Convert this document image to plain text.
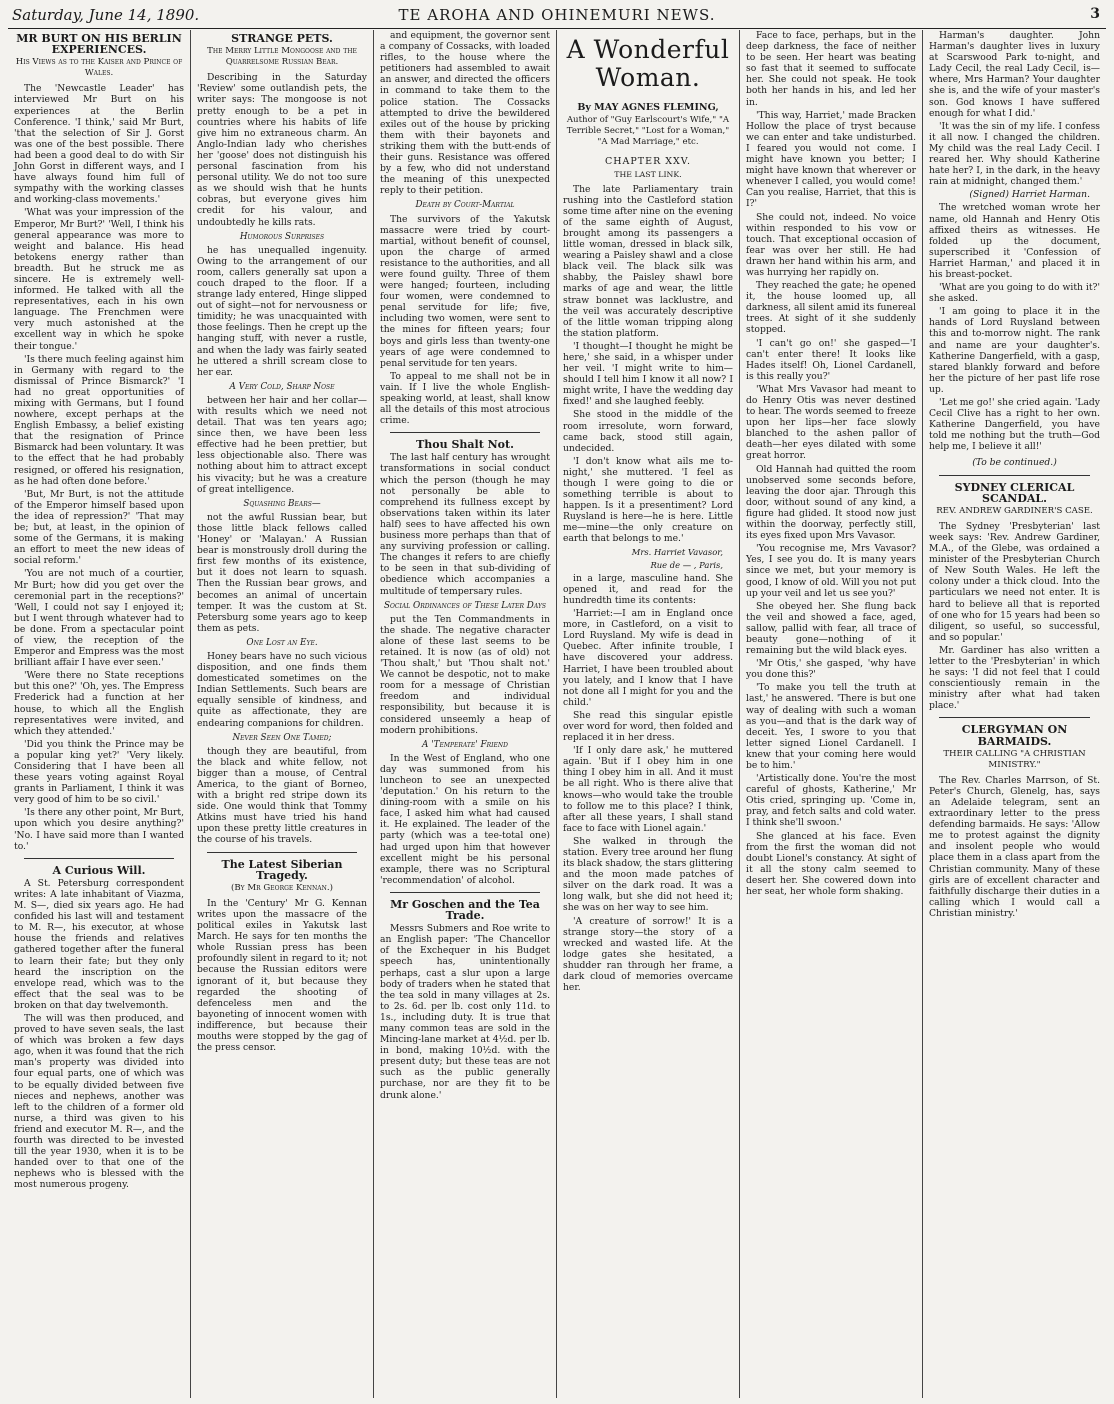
Saturday, June 14, 1890.	TE AROHA AND OHINEMURI NEWS.	3
MR BURT ON HIS BERLIN EXPERIENCES.
His Views as to the Kaiser and Prince of Wales.

The 'Newcastle Leader' has interviewed Mr Burt on his experiences at the Berlin Conference. 'I think,' said Mr Burt, 'that the selection of Sir J. Gorst was one of the best possible. There had been a good deal to do with Sir John Gorst in different ways, and I have always found him full of sympathy with the working classes and working-class movements.'

'What was your impression of the Emperor, Mr Burt?' 'Well, I think his general appearance was more to weight and balance. His head betokens energy rather than breadth. But he struck me as sincere. He is extremely well-informed. He talked with all the representatives, each in his own language. The Frenchmen were very much astonished at the excellent way in which he spoke their tongue.'

'Is there much feeling against him in Germany with regard to the dismissal of Prince Bismarck?' 'I had no great opportunities of mixing with Germans, but I found nowhere, except perhaps at the English Embassy, a belief existing that the resignation of Prince Bismarck had been voluntary. It was to the effect that he had probably resigned, or offered his resignation, as he had often done before.'

'But, Mr Burt, is not the attitude of the Emperor himself based upon the idea of repression?' 'That may be; but, at least, in the opinion of some of the Germans, it is making an effort to meet the new ideas of social reform.'

'You are not much of a courtier, Mr Burt; how did you get over the ceremonial part in the receptions?' 'Well, I could not say I enjoyed it; but I went through whatever had to be done. From a spectacular point of view, the reception of the Emperor and Empress was the most brilliant affair I have ever seen.'

'Were there no State receptions but this one?' 'Oh, yes. The Empress Frederick had a function at her house, to which all the English representatives were invited, and which they attended.'

'Did you think the Prince may be a popular king yet?' 'Very likely. Considering that I have been all these years voting against Royal grants in Parliament, I think it was very good of him to be so civil.'

'Is there any other point, Mr Burt, upon which you desire anything?' 'No. I have said more than I wanted to.'

A Curious Will.

A St. Petersburg correspondent writes: A late inhabitant of Viazma, M. S—, died six years ago. He had confided his last will and testament to M. R—, his executor, at whose house the friends and relatives gathered together after the funeral to learn their fate; but they only heard the inscription on the envelope read, which was to the effect that the seal was to be broken on that day twelvemonth.

The will was then produced, and proved to have seven seals, the last of which was broken a few days ago, when it was found that the rich man's property was divided into four equal parts, one of which was to be equally divided between five nieces and nephews, another was left to the children of a former old nurse, a third was given to his friend and executor M. R—, and the fourth was directed to be invested till the year 1930, when it is to be handed over to that one of the nephews who is blessed with the most numerous progeny.

STRANGE PETS.
The Merry Little Mongoose and the Quarrelsome Russian Bear.

Describing in the Saturday 'Review' some outlandish pets, the writer says: The mongoose is not pretty enough to be a pet in countries where his habits of life give him no extraneous charm. An Anglo-Indian lady who cherishes her 'goose' does not distinguish his personal fascination from his personal utility. We do not too sure as we should wish that he hunts cobras, but everyone gives him credit for his valour, and undoubtedly he kills rats.

Humorous Surprises

he has unequalled ingenuity. Owing to the arrangement of our room, callers generally sat upon a couch draped to the floor. If a strange lady entered, Hinge slipped out of sight—not for nervousness or timidity; he was unacquainted with those feelings. Then he crept up the hanging stuff, with never a rustle, and when the lady was fairly seated he uttered a shrill scream close to her ear.

A Very Cold, Sharp Nose

between her hair and her collar—with results which we need not detail. That was ten years ago; since then, we have been less effective had he been prettier, but less objectionable also. There was nothing about him to attract except his vivacity; but he was a creature of great intelligence.

Squashing Bears—

not the awful Russian bear, but those little black fellows called 'Honey' or 'Malayan.' A Russian bear is monstrously droll during the first few months of its existence, but it does not learn to squash. Then the Russian bear grows, and becomes an animal of uncertain temper. It was the custom at St. Petersburg some years ago to keep them as pets.

One Lost an Eye.

Honey bears have no such vicious disposition, and one finds them domesticated sometimes on the Indian Settlements. Such bears are equally sensible of kindness, and quite as affectionate, they are endearing companions for children.

Never Seen One Tamed;

though they are beautiful, from the black and white fellow, not bigger than a mouse, of Central America, to the giant of Borneo, with a bright red stripe down its side. One would think that Tommy Atkins must have tried his hand upon these pretty little creatures in the course of his travels.

The Latest Siberian Tragedy.
(By Mr George Kennan.)

In the 'Century' Mr G. Kennan writes upon the massacre of the political exiles in Yakutsk last March. He says for ten months the whole Russian press has been profoundly silent in regard to it; not because the Russian editors were ignorant of it, but because they regarded the shooting of defenceless men and the bayoneting of innocent women with indifference, but because their mouths were stopped by the gag of the press censor.

and equipment, the governor sent a company of Cossacks, with loaded rifles, to the house where the petitioners had assembled to await an answer, and directed the officers in command to take them to the police station. The Cossacks attempted to drive the bewildered exiles out of the house by pricking them with their bayonets and striking them with the butt-ends of their guns. Resistance was offered by a few, who did not understand the meaning of this unexpected reply to their petition.

Death by Court-Martial

The survivors of the Yakutsk massacre were tried by court-martial, without benefit of counsel, upon the charge of armed resistance to the authorities, and all were found guilty. Three of them were hanged; fourteen, including four women, were condemned to penal servitude for life; five, including two women, were sent to the mines for fifteen years; four boys and girls less than twenty-one years of age were condemned to penal servitude for ten years.

To appeal to me shall not be in vain. If I live the whole English-speaking world, at least, shall know all the details of this most atrocious crime.

Thou Shalt Not.

The last half century has wrought transformations in social conduct which the person (though he may not personally be able to comprehend its fullness except by observations taken within its later half) sees to have affected his own business more perhaps than that of any surviving profession or calling. The changes it refers to are chiefly to be seen in that sub-dividing of obedience which accompanies a multitude of tempersary rules.

Social Ordinances of These Later Days

put the Ten Commandments in the shade. The negative character alone of these last seems to be retained. It is now (as of old) not 'Thou shalt,' but 'Thou shalt not.' We cannot be despotic, not to make room for a message of Christian freedom and individual responsibility, but because it is considered unseemly a heap of modern prohibitions.

A 'Temperate' Friend

In the West of England, who one day was summoned from his luncheon to see an unexpected 'deputation.' On his return to the dining-room with a smile on his face, I asked him what had caused it. He explained. The leader of the party (which was a tee-total one) had urged upon him that however excellent might be his personal example, there was no Scriptural 'recommendation' of alcohol.

Mr Goschen and the Tea Trade.

Messrs Submers and Roe write to an English paper: 'The Chancellor of the Exchequer in his Budget speech has, unintentionally perhaps, cast a slur upon a large body of traders when he stated that the tea sold in many villages at 2s. to 2s. 6d. per lb. cost only 11d. to 1s., including duty. It is true that many common teas are sold in the Mincing-lane market at 4½d. per lb. in bond, making 10½d. with the present duty; but these teas are not such as the public generally purchase, nor are they fit to be drunk alone.'

A Wonderful Woman.
By MAY AGNES FLEMING,
Author of "Guy Earlscourt's Wife," "A Terrible Secret," "Lost for a Woman," "A Mad Marriage," etc.
CHAPTER XXV.
THE LAST LINK.

The late Parliamentary train rushing into the Castleford station some time after nine on the evening of the same eighth of August, brought among its passengers a little woman, dressed in black silk, wearing a Paisley shawl and a close black veil. The black silk was shabby, the Paisley shawl bore marks of age and wear, the little straw bonnet was lacklustre, and the veil was accurately descriptive of the little woman tripping along the station platform.

'I thought—I thought he might be here,' she said, in a whisper under her veil. 'I might write to him—should I tell him I know it all now? I might write, I have the wedding day fixed!' and she laughed feebly.

She stood in the middle of the room irresolute, worn forward, came back, stood still again, undecided.

'I don't know what ails me to-night,' she muttered. 'I feel as though I were going to die or something terrible is about to happen. Is it a presentiment? Lord Ruysland is here—he is here. Little me—mine—the only creature on earth that belongs to me.'

Mrs. Harriet Vavasor,
Rue de — , Paris,

in a large, masculine hand. She opened it, and read for the hundredth time its contents:

'Harriet:—I am in England once more, in Castleford, on a visit to Lord Ruysland. My wife is dead in Quebec. After infinite trouble, I have discovered your address. Harriet, I have been troubled about you lately, and I know that I have not done all I might for you and the child.'

She read this singular epistle over word for word, then folded and replaced it in her dress.

'If I only dare ask,' he muttered again. 'But if I obey him in one thing I obey him in all. And it must be all right. Who is there alive that knows—who would take the trouble to follow me to this place? I think, after all these years, I shall stand face to face with Lionel again.'

She walked in through the station. Every tree around her flung its black shadow, the stars glittering and the moon made patches of silver on the dark road. It was a long walk, but she did not heed it; she was on her way to see him.

'A creature of sorrow!' It is a strange story—the story of a wrecked and wasted life. At the lodge gates she hesitated, a shudder ran through her frame, a dark cloud of memories overcame her.

Face to face, perhaps, but in the deep darkness, the face of neither to be seen. Her heart was beating so fast that it seemed to suffocate her. She could not speak. He took both her hands in his, and led her in.

'This way, Harriet,' made Bracken Hollow the place of tryst because we can enter and take undisturbed. I feared you would not come. I might have known you better; I might have known that wherever or whenever I called, you would come! Can you realise, Harriet, that this is I?'

She could not, indeed. No voice within responded to his vow or touch. That exceptional occasion of fear was over her still. He had drawn her hand within his arm, and was hurrying her rapidly on.

They reached the gate; he opened it, the house loomed up, all darkness, all silent amid its funereal trees. At sight of it she suddenly stopped.

'I can't go on!' she gasped—'I can't enter there! It looks like Hades itself! Oh, Lionel Cardanell, is this really you?'

'What Mrs Vavasor had meant to do Henry Otis was never destined to hear. The words seemed to freeze upon her lips—her face slowly blanched to the ashen pallor of death—her eyes dilated with some great horror.

Old Hannah had quitted the room unobserved some seconds before, leaving the door ajar. Through this door, without sound of any kind, a figure had glided. It stood now just within the doorway, perfectly still, its eyes fixed upon Mrs Vavasor.

'You recognise me, Mrs Vavasor? Yes, I see you do. It is many years since we met, but your memory is good, I know of old. Will you not put up your veil and let us see you?'

She obeyed her. She flung back the veil and showed a face, aged, sallow, pallid with fear, all trace of beauty gone—nothing of it remaining but the wild black eyes.

'Mr Otis,' she gasped, 'why have you done this?'

'To make you tell the truth at last,' he answered. 'There is but one way of dealing with such a woman as you—and that is the dark way of deceit. Yes, I swore to you that letter signed Lionel Cardanell. I knew that your coming here would be to him.'

'Artistically done. You're the most careful of ghosts, Katherine,' Mr Otis cried, springing up. 'Come in, pray, and fetch salts and cold water. I think she'll swoon.'

She glanced at his face. Even from the first the woman did not doubt Lionel's constancy. At sight of it all the stony calm seemed to desert her. She cowered down into her seat, her whole form shaking.

Harman's daughter. John Harman's daughter lives in luxury at Scarswood Park to-night, and Lady Cecil, the real Lady Cecil, is—where, Mrs Harman? Your daughter she is, and the wife of your master's son. God knows I have suffered enough for what I did.'

'It was the sin of my life. I confess it all now. I changed the children. My child was the real Lady Cecil. I reared her. Why should Katherine hate her? I, in the dark, in the heavy rain at midnight, changed them.'

(Signed) Harriet Harman.

The wretched woman wrote her name, old Hannah and Henry Otis affixed theirs as witnesses. He folded up the document, superscribed it 'Confession of Harriet Harman,' and placed it in his breast-pocket.

'What are you going to do with it?' she asked.

'I am going to place it in the hands of Lord Ruysland between this and to-morrow night. The rank and name are your daughter's. Katherine Dangerfield, with a gasp, stared blankly forward and before her the picture of her past life rose up.

'Let me go!' she cried again. 'Lady Cecil Clive has a right to her own. Katherine Dangerfield, you have told me nothing but the truth—God help me, I believe it all!'

(To be continued.)
SYDNEY CLERICAL SCANDAL.
REV. ANDREW GARDINER'S CASE.

The Sydney 'Presbyterian' last week says: 'Rev. Andrew Gardiner, M.A., of the Glebe, was ordained a minister of the Presbyterian Church of New South Wales. He left the colony under a thick cloud. Into the particulars we need not enter. It is hard to believe all that is reported of one who for 15 years had been so diligent, so useful, so successful, and so popular.'

Mr. Gardiner has also written a letter to the 'Presbyterian' in which he says: 'I did not feel that I could conscientiously remain in the ministry after what had taken place.'

CLERGYMAN ON BARMAIDS.
THEIR CALLING "A CHRISTIAN MINISTRY."

The Rev. Charles Marrson, of St. Peter's Church, Glenelg, has, says an Adelaide telegram, sent an extraordinary letter to the press defending barmaids. He says: 'Allow me to protest against the dignity and insolent people who would place them in a class apart from the Christian community. Many of these girls are of excellent character and faithfully discharge their duties in a calling which I would call a Christian ministry.'
